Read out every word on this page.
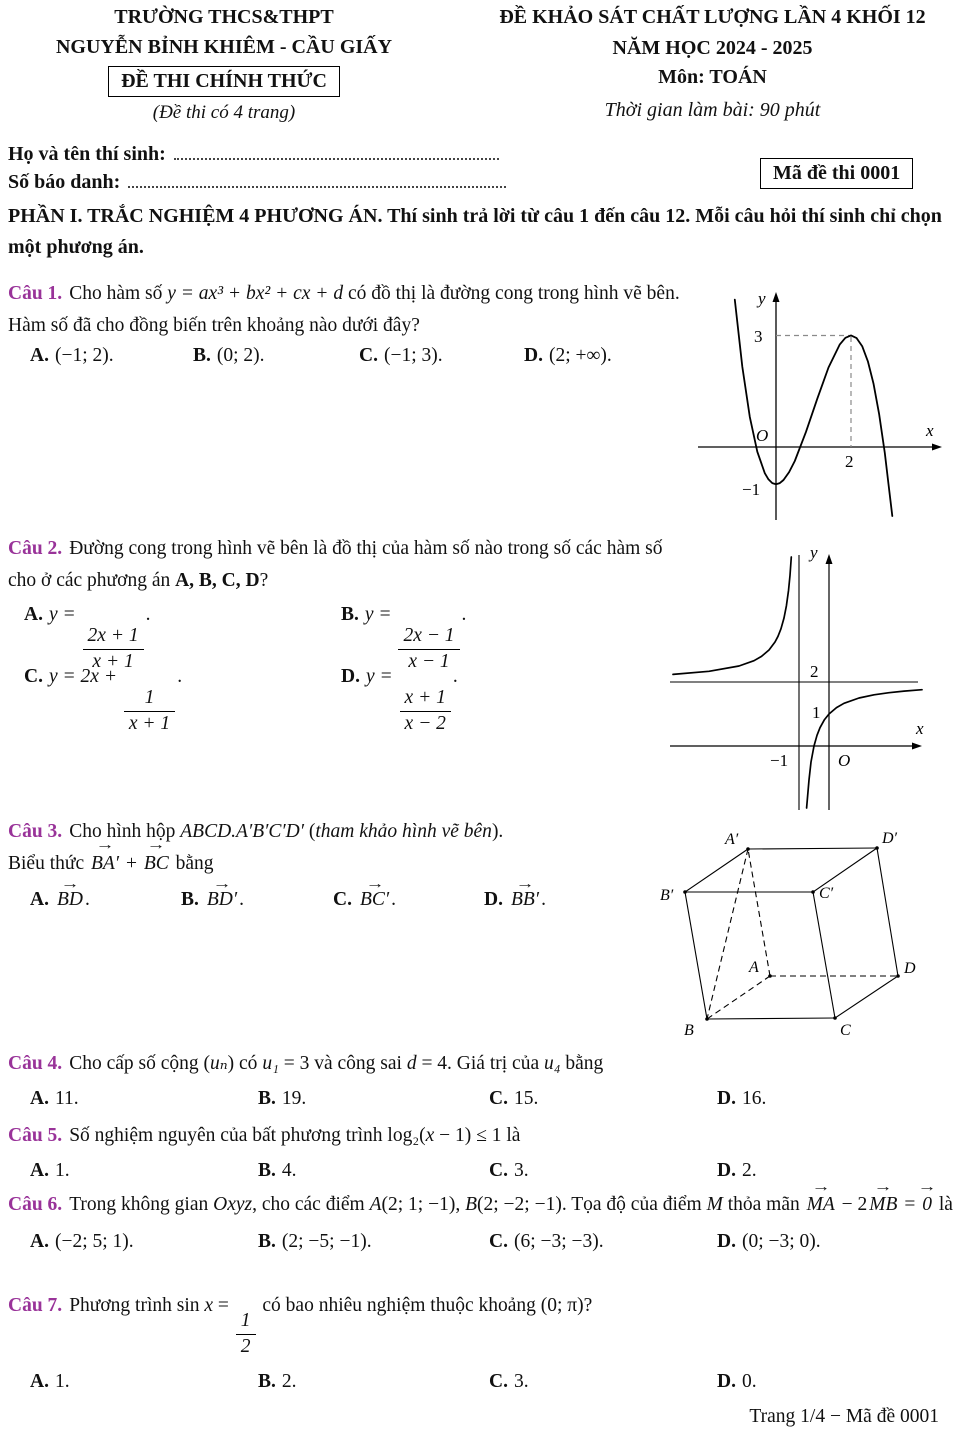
TRƯỜNG THCS&THPT
NGUYỄN BỈNH KHIÊM - CẦU GIẤY
ĐỀ THI CHÍNH THỨC
(Đề thi có 4 trang)
ĐỀ KHẢO SÁT CHẤT LƯỢNG LẦN 4 KHỐI 12
NĂM HỌC 2024 - 2025
Môn: TOÁN
Thời gian làm bài: 90 phút
Họ và tên thí sinh:
Số báo danh:	Mã đề thi 0001
PHẦN I. TRẮC NGHIỆM 4 PHƯƠNG ÁN. Thí sinh trả lời từ câu 1 đến câu 12. Mỗi câu hỏi thí sinh chỉ chọn một phương án.

Câu 1. Cho hàm số y = ax³ + bx² + cx + d có đồ thị là đường cong trong hình vẽ bên. Hàm số đã cho đồng biến trên khoảng nào dưới đây?

A. (−1; 2).	B. (0; 2).	C. (−1; 3).	D. (2; +∞).
y
x
O
3
2
−1

Câu 2. Đường cong trong hình vẽ bên là đồ thị của hàm số nào trong số các hàm số cho ở các phương án A, B, C, D?

A. y =
$\frac{2x + 1}{x + 1}$
.	B. y =
$\frac{2x - 1}{x - 1}$
.
C. y = 2x +
$\frac{1}{x + 1}$
.	D. y =
$\frac{x + 1}{x - 2}$
.
y
x
O
2
1
−1

Câu 3. Cho hình hộp ABCD.A′B′C′D′ (tham khảo hình vẽ bên).
Biểu thức
→
BA′ +
→
BC bằng

A.
→
BD .	B.
→
BD′ .	C.
→
BC′ .	D.
→
BB′ .
A′	D′
B′	C′
A	D
B	C

Câu 4. Cho cấp số cộng (uₙ) có u₁ = 3 và công sai d = 4. Giá trị của u₄ bằng

A. 11.	B. 19.	C. 15.	D. 16.

Câu 5. Số nghiệm nguyên của bất phương trình log₂(x − 1) ≤ 1 là

A. 1.	B. 4.	C. 3.	D. 2.

Câu 6. Trong không gian Oxyz, cho các điểm A(2; 1; −1), B(2; −2; −1). Tọa độ của điểm M thỏa mãn
→
MA − 2
→
MB =
→
0 là

A. (−2; 5; 1).	B. (2; −5; −1).	C. (6; −3; −3).	D. (0; −3; 0).

Câu 7. Phương trình sin x =
$\frac{1}{2}$
có bao nhiêu nghiệm thuộc khoảng (0; π)?

A. 1.	B. 2.	C. 3.	D. 0.
Trang 1/4 − Mã đề 0001
